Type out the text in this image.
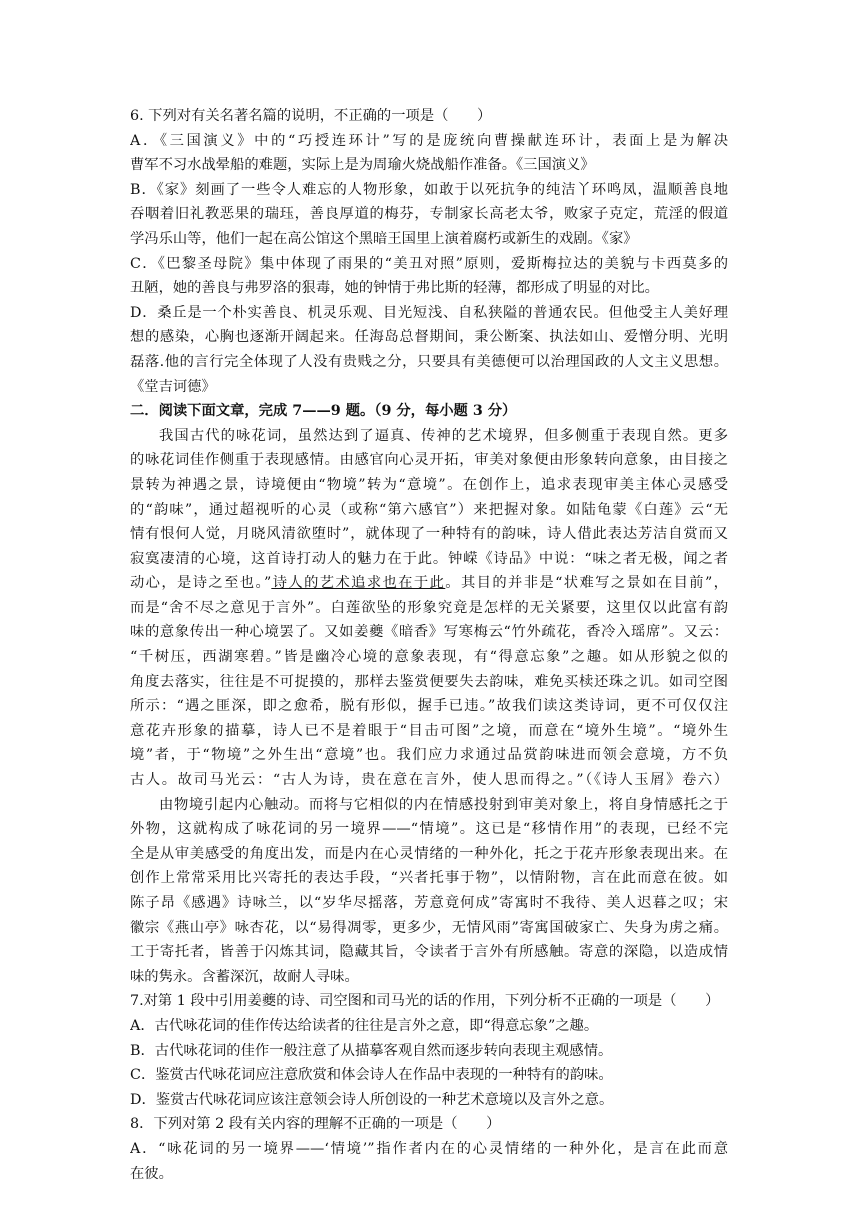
6. 下列对有关名著名篇的说明，不正确的一项是（　　）
A．《三国演义》中的“巧授连环计”写的是庞统向曹操献连环计，表面上是为解决
曹军不习水战晕船的难题，实际上是为周瑜火烧战船作准备。《三国演义》
B．《家》刻画了一些令人难忘的人物形象，如敢于以死抗争的纯洁丫环鸣凤，温顺善良地
吞咽着旧礼教恶果的瑞珏，善良厚道的梅芬，专制家长高老太爷，败家子克定，荒淫的假道
学冯乐山等，他们一起在高公馆这个黑暗王国里上演着腐朽或新生的戏剧。《家》
C．《巴黎圣母院》集中体现了雨果的“美丑对照”原则，爱斯梅拉达的美貌与卡西莫多的
丑陋，她的善良与弗罗洛的狠毒，她的钟情于弗比斯的轻薄，都形成了明显的对比。
D．桑丘是一个朴实善良、机灵乐观、目光短浅、自私狭隘的普通农民。但他受主人美好理
想的感染，心胸也逐渐开阔起来。任海岛总督期间，秉公断案、执法如山、爱憎分明、光明
磊落.他的言行完全体现了人没有贵贱之分，只要具有美德便可以治理国政的人文主义思想。
《堂吉诃德》
二．阅读下面文章，完成 7——9 题。（9 分，每小题 3 分）
我国古代的咏花词，虽然达到了逼真、传神的艺术境界，但多侧重于表现自然。更多
的咏花词佳作侧重于表现感情。由感官向心灵开拓，审美对象便由形象转向意象，由目接之
景转为神遇之景，诗境便由“物境”转为“意境”。在创作上，追求表现审美主体心灵感受
的“韵味”，通过超视听的心灵（或称“第六感官”）来把握对象。如陆龟蒙《白莲》云“无
情有恨何人觉，月晓风清欲堕时”，就体现了一种特有的韵味，诗人借此表达芳洁自赏而又
寂寞凄清的心境，这首诗打动人的魅力在于此。钟嵘《诗品》中说：“味之者无极，闻之者
动心，是诗之至也。”诗人的艺术追求也在于此。其目的并非是“状难写之景如在目前”，
而是“舍不尽之意见于言外”。白莲欲坠的形象究竟是怎样的无关紧要，这里仅以此富有韵
味的意象传出一种心境罢了。又如姜夔《暗香》写寒梅云“竹外疏花，香冷入瑶席”。又云：
“千树压，西湖寒碧。”皆是幽冷心境的意象表现，有“得意忘象”之趣。如从形貌之似的
角度去落实，往往是不可捉摸的，那样去鉴赏便要失去韵味，难免买椟还珠之讥。如司空图
所示：“遇之匪深，即之愈希，脱有形似，握手已违。”故我们读这类诗词，更不可仅仅注
意花卉形象的描摹，诗人已不是着眼于“目击可图”之境，而意在“境外生境”。“境外生
境”者，于“物境”之外生出“意境”也。我们应力求通过品赏韵味进而领会意境，方不负
古人。故司马光云：“古人为诗，贵在意在言外，使人思而得之。”（《诗人玉屑》卷六）
由物境引起内心触动。而将与它相似的内在情感投射到审美对象上，将自身情感托之于
外物，这就构成了咏花词的另一境界——“情境”。这已是“移情作用”的表现，已经不完
全是从审美感受的角度出发，而是内在心灵情绪的一种外化，托之于花卉形象表现出来。在
创作上常常采用比兴寄托的表达手段，“兴者托事于物”，以情附物，言在此而意在彼。如
陈子昂《感遇》诗咏兰，以“岁华尽摇落，芳意竟何成”寄寓时不我待、美人迟暮之叹；宋
徽宗《燕山亭》咏杏花，以“易得凋零，更多少，无情风雨”寄寓国破家亡、失身为虏之痛。
工于寄托者，皆善于闪炼其词，隐藏其旨，令读者于言外有所感触。寄意的深隐，以造成情
味的隽永。含蓄深沉，故耐人寻味。
7.对第 1 段中引用姜夔的诗、司空图和司马光的话的作用，下列分析不正确的一项是（　　）
A．古代咏花词的佳作传达给读者的往往是言外之意，即“得意忘象”之趣。
B．古代咏花词的佳作一般注意了从描摹客观自然而逐步转向表现主观感情。
C．鉴赏古代咏花词应注意欣赏和体会诗人在作品中表现的一种特有的韵味。
D．鉴赏古代咏花词应该注意领会诗人所创设的一种艺术意境以及言外之意。
8．下列对第 2 段有关内容的理解不正确的一项是（　　）
A．“咏花词的另一境界——‘情境’”指作者内在的心灵情绪的一种外化，是言在此而意
在彼。
